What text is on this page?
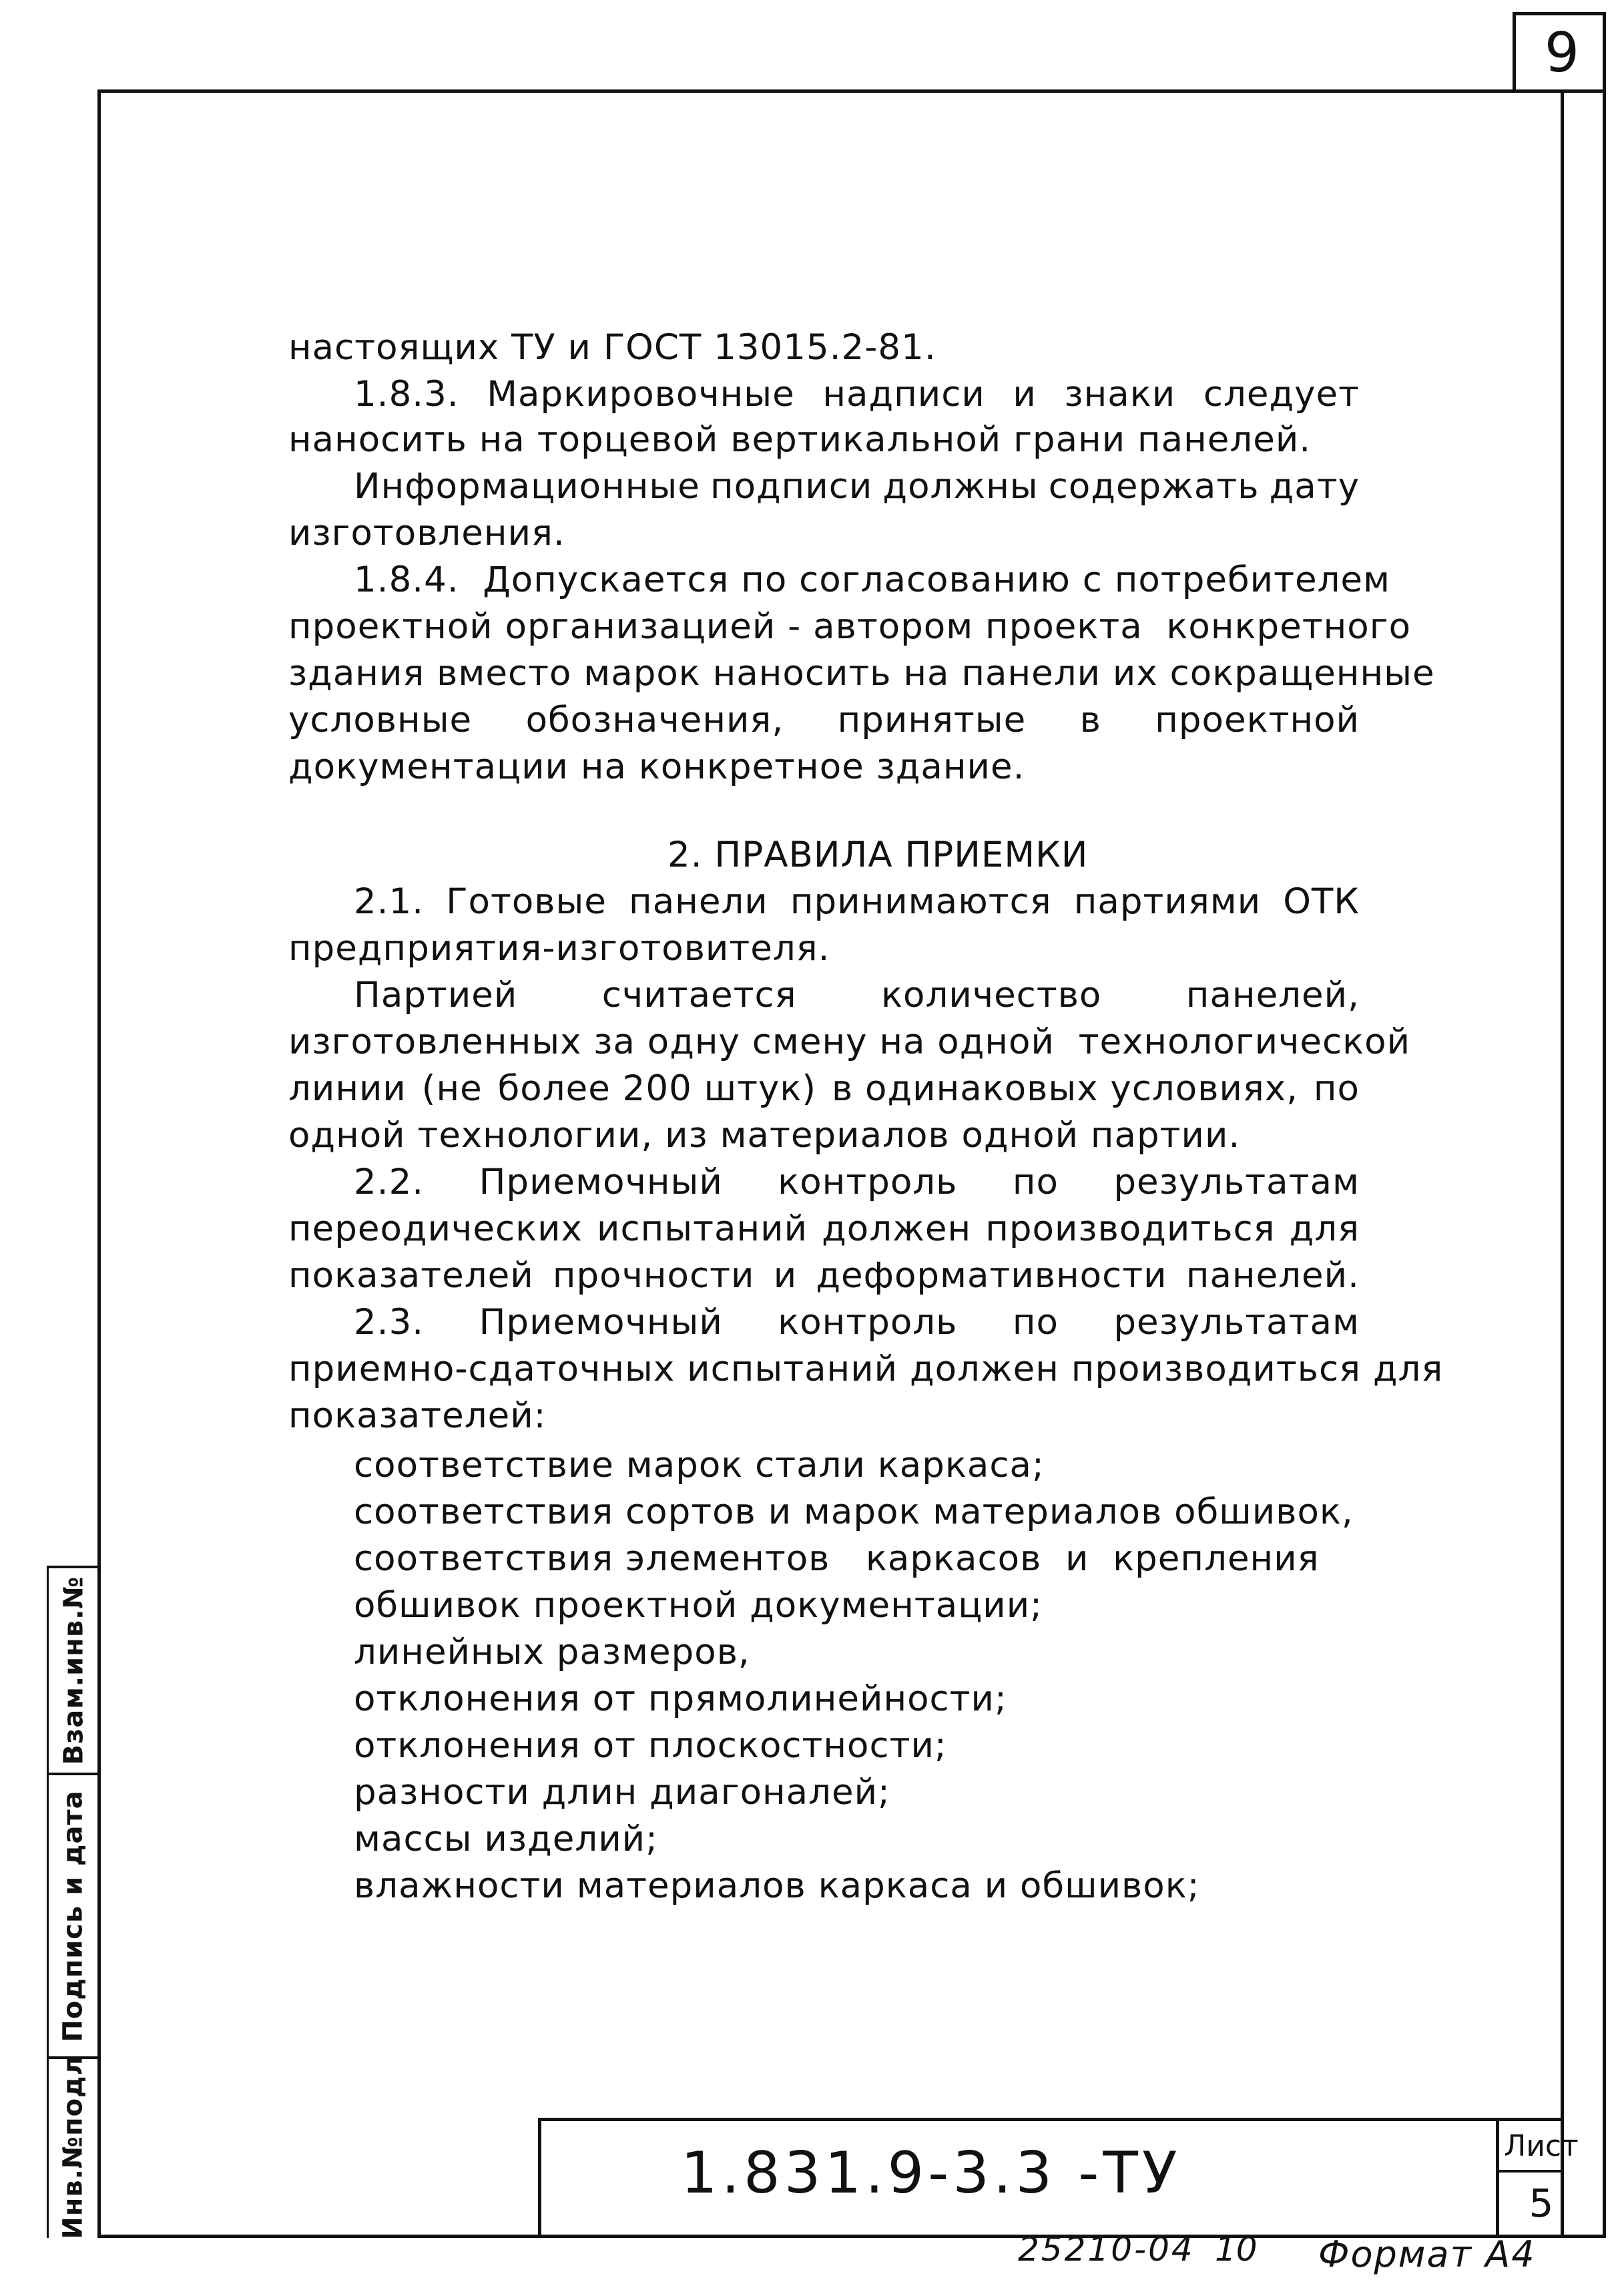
9
настоящих ТУ и ГОСТ 13015.2-81.
1.8.3. Маркировочные надписи и знаки следует
наносить на торцевой вертикальной грани панелей.
Информационные подписи должны содержать дату
изготовления.
1.8.4.  Допускается по согласованию с потребителем
проектной организацией - автором проекта  конкретного
здания вместо марок наносить на панели их сокращенные
условные обозначения, принятые в проектной
документации на конкретное здание.
2. ПРАВИЛА ПРИЕМКИ
2.1. Готовые панели принимаются партиями ОТК
предприятия-изготовителя.
Партией считается количество панелей,
изготовленных за одну смену на одной  технологической
линии (не более 200 штук) в одинаковых условиях, по
одной технологии, из материалов одной партии.
2.2. Приемочный контроль по результатам
переодических испытаний должен производиться для
показателей прочности и деформативности панелей.
2.3. Приемочный контроль по результатам
приемно-сдаточных испытаний должен производиться для
показателей:
соответствие марок стали каркаса;
соответствия сортов и марок материалов обшивок,
соответствия элементов   каркасов  и  крепления
обшивок проектной документации;
линейных размеров,
отклонения от прямолинейности;
отклонения от плоскостности;
разности длин диагоналей;
массы изделий;
влажности материалов каркаса и обшивок;
Взам.инв.№
Подпись и дата
Инв.№подл	1.831.9-3.3 -ТУ	Лист
5
25210-04 10 Формат А4
